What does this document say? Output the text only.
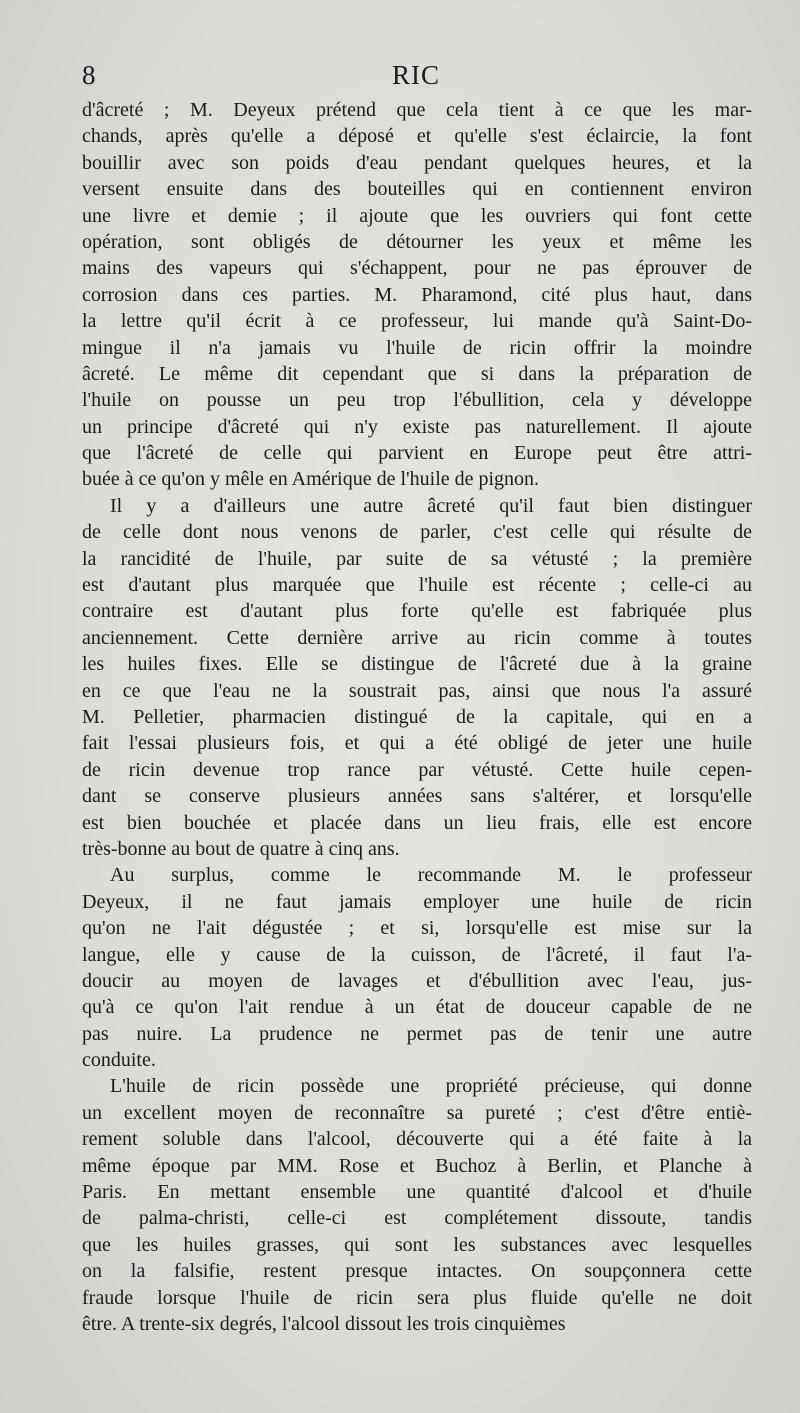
8	RIC
d'âcreté ; M. Deyeux prétend que cela tient à ce que les mar-
chands, après qu'elle a déposé et qu'elle s'est éclaircie, la font
bouillir avec son poids d'eau pendant quelques heures, et la
versent ensuite dans des bouteilles qui en contiennent environ
une livre et demie ; il ajoute que les ouvriers qui font cette
opération, sont obligés de détourner les yeux et même les
mains des vapeurs qui s'échappent, pour ne pas éprouver de
corrosion dans ces parties. M. Pharamond, cité plus haut, dans
la lettre qu'il écrit à ce professeur, lui mande qu'à Saint-Do-
mingue il n'a jamais vu l'huile de ricin offrir la moindre
âcreté. Le même dit cependant que si dans la préparation de
l'huile on pousse un peu trop l'ébullition, cela y développe
un principe d'âcreté qui n'y existe pas naturellement. Il ajoute
que l'âcreté de celle qui parvient en Europe peut être attri-
buée à ce qu'on y mêle en Amérique de l'huile de pignon.
Il y a d'ailleurs une autre âcreté qu'il faut bien distinguer
de celle dont nous venons de parler, c'est celle qui résulte de
la rancidité de l'huile, par suite de sa vétusté ; la première
est d'autant plus marquée que l'huile est récente ; celle-ci au
contraire est d'autant plus forte qu'elle est fabriquée plus
anciennement. Cette dernière arrive au ricin comme à toutes
les huiles fixes. Elle se distingue de l'âcreté due à la graine
en ce que l'eau ne la soustrait pas, ainsi que nous l'a assuré
M. Pelletier, pharmacien distingué de la capitale, qui en a
fait l'essai plusieurs fois, et qui a été obligé de jeter une huile
de ricin devenue trop rance par vétusté. Cette huile cepen-
dant se conserve plusieurs années sans s'altérer, et lorsqu'elle
est bien bouchée et placée dans un lieu frais, elle est encore
très-bonne au bout de quatre à cinq ans.
Au surplus, comme le recommande M. le professeur
Deyeux, il ne faut jamais employer une huile de ricin
qu'on ne l'ait dégustée ; et si, lorsqu'elle est mise sur la
langue, elle y cause de la cuisson, de l'âcreté, il faut l'a-
doucir au moyen de lavages et d'ébullition avec l'eau, jus-
qu'à ce qu'on l'ait rendue à un état de douceur capable de ne
pas nuire. La prudence ne permet pas de tenir une autre
conduite.
L'huile de ricin possède une propriété précieuse, qui donne
un excellent moyen de reconnaître sa pureté ; c'est d'être entiè-
rement soluble dans l'alcool, découverte qui a été faite à la
même époque par MM. Rose et Buchoz à Berlin, et Planche à
Paris. En mettant ensemble une quantité d'alcool et d'huile
de palma-christi, celle-ci est complétement dissoute, tandis
que les huiles grasses, qui sont les substances avec lesquelles
on la falsifie, restent presque intactes. On soupçonnera cette
fraude lorsque l'huile de ricin sera plus fluide qu'elle ne doit
être. A trente-six degrés, l'alcool dissout les trois cinquièmes
